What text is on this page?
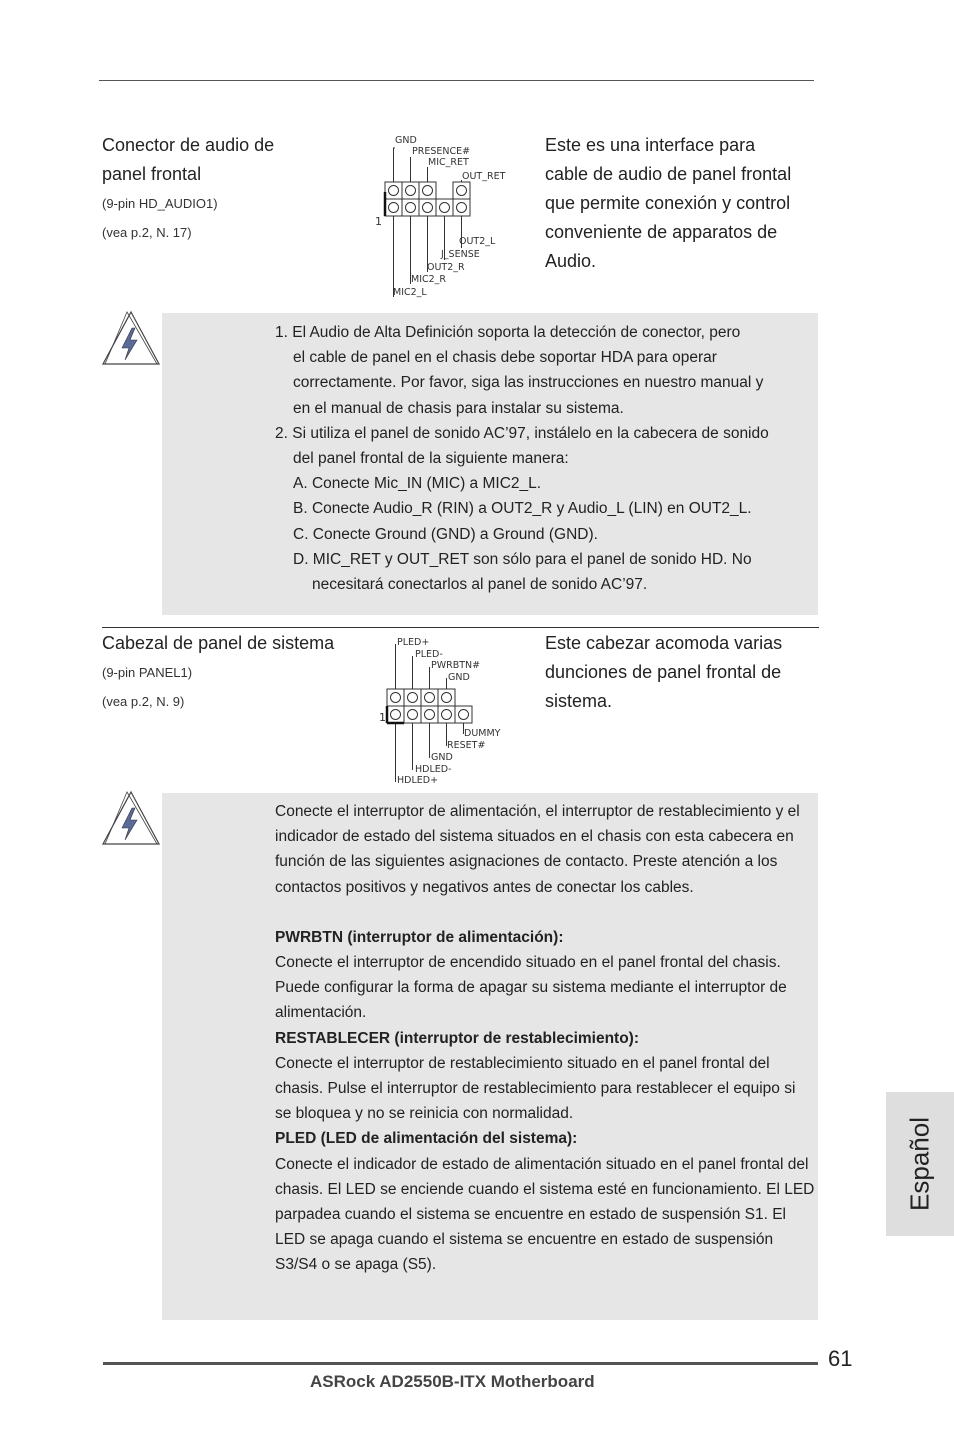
Conector de audio de
panel frontal
(9-pin HD_AUDIO1)
(vea p.2, N. 17)
GND
PRESENCE#
MIC_RET
OUT_RET
1
OUT2_L
J_SENSE
OUT2_R
MIC2_R
MIC2_L
Este es una interface para
cable de audio de panel frontal
que permite conexión y control
conveniente de apparatos de
Audio.
1. El Audio de Alta Definición soporta la detección de conector, pero
el cable de panel en el chasis debe soportar HDA para operar
correctamente. Por favor, siga las instrucciones en nuestro manual y
en el manual de chasis para instalar su sistema.
2. Si utiliza el panel de sonido AC’97, instálelo en la cabecera de sonido
del panel frontal de la siguiente manera:
A. Conecte Mic_IN (MIC) a MIC2_L.
B. Conecte Audio_R (RIN) a OUT2_R y Audio_L (LIN) en OUT2_L.
C. Conecte Ground (GND) a Ground (GND).
D. MIC_RET y OUT_RET son sólo para el panel de sonido HD. No necesitará conectarlos al panel de sonido AC’97.
Cabezal de panel de sistema
(9-pin PANEL1)
(vea p.2, N. 9)
PLED+
PLED-
PWRBTN#
GND
1
DUMMY
RESET#
GND
HDLED-
HDLED+
Este cabezar acomoda varias
dunciones de panel frontal de
sistema.
Conecte el interruptor de alimentación, el interruptor de restablecimiento y el indicador de estado del sistema situados en el chasis con esta cabecera en función de las siguientes asignaciones de contacto. Preste atención a los contactos positivos y negativos antes de conectar los cables.
PWRBTN (interruptor de alimentación):
Conecte el interruptor de encendido situado en el panel frontal del chasis. Puede configurar la forma de apagar su sistema mediante el interruptor de alimentación.
RESTABLECER (interruptor de restablecimiento):
Conecte el interruptor de restablecimiento situado en el panel frontal del chasis. Pulse el interruptor de restablecimiento para restablecer el equipo si se bloquea y no se reinicia con normalidad.
PLED (LED de alimentación del sistema):
Conecte el indicador de estado de alimentación situado en el panel frontal del chasis. El LED se enciende cuando el sistema esté en funcionamiento. El LED parpadea cuando el sistema se encuentre en estado de suspensión S1. El LED se apaga cuando el sistema se encuentre en estado de suspensión S3/S4 o se apaga (S5).
Español
61
ASRock AD2550B-ITX Motherboard
